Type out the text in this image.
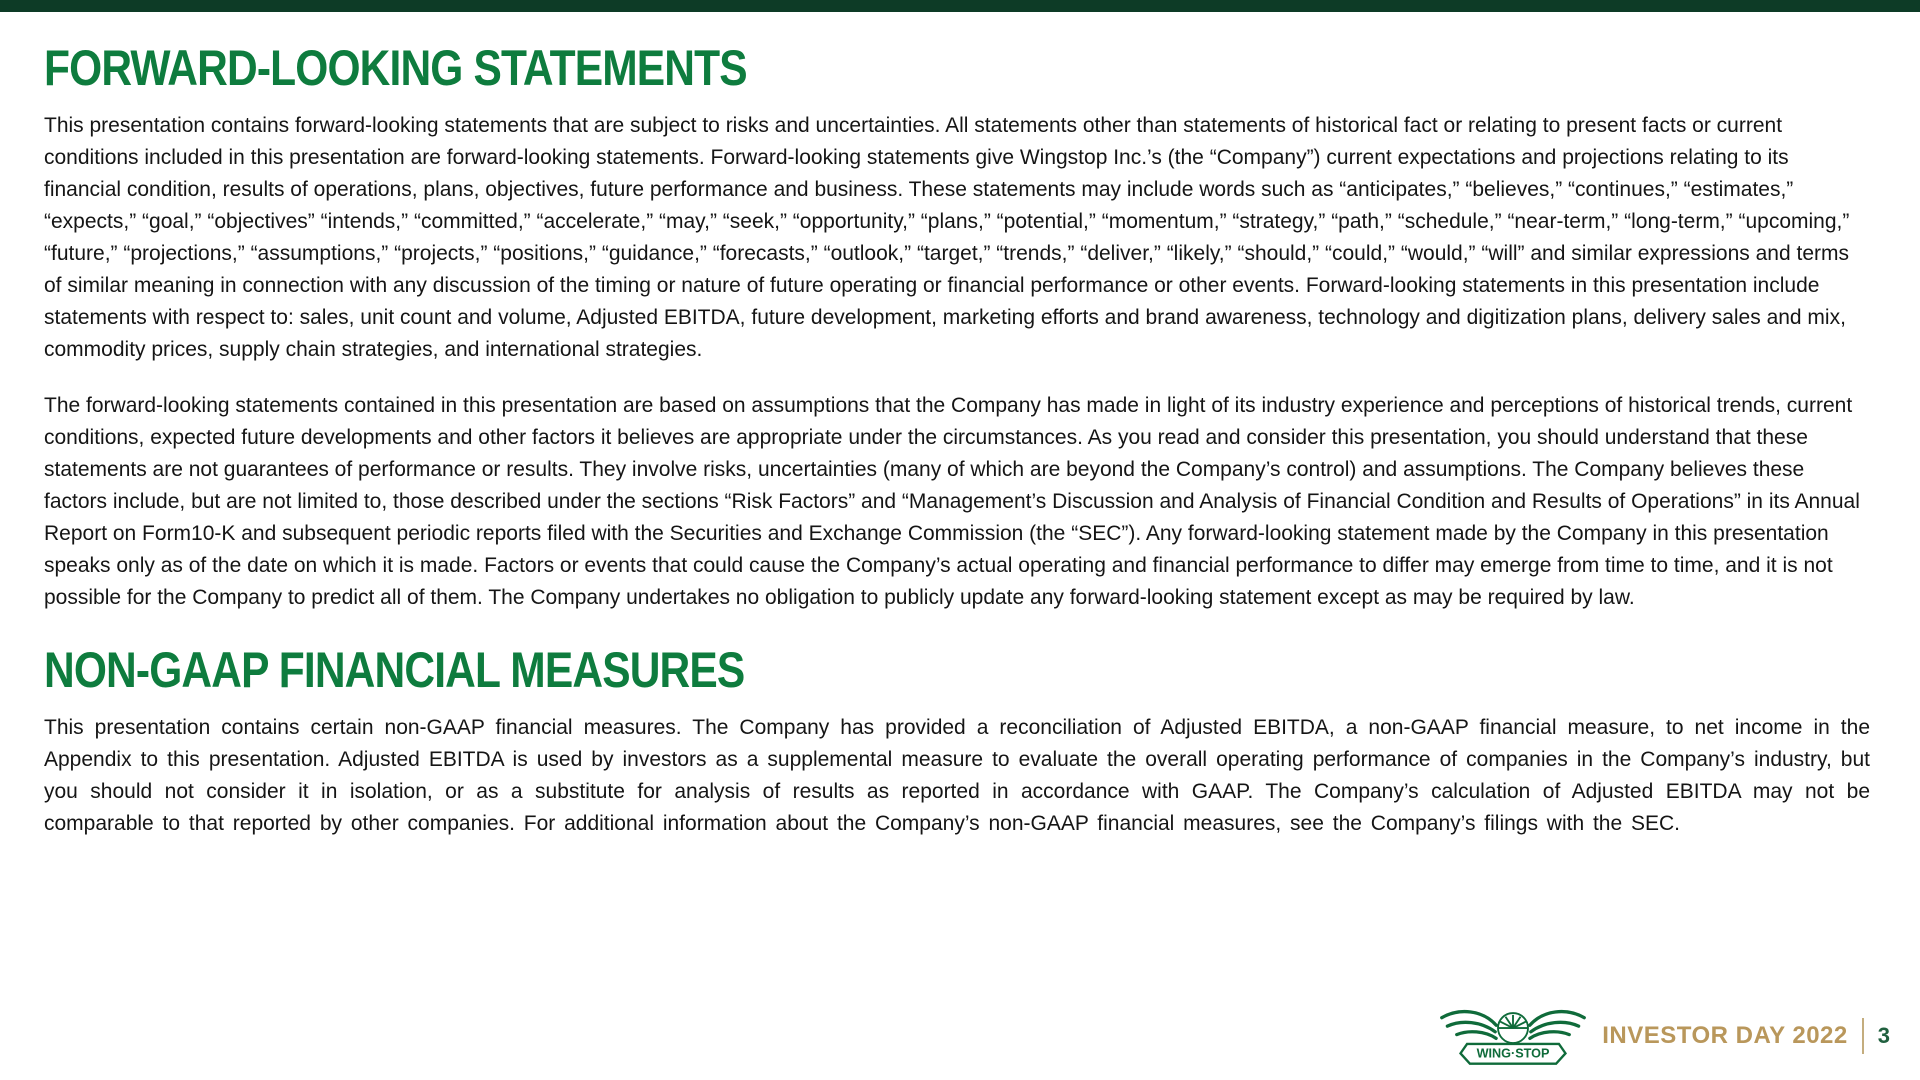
FORWARD-LOOKING STATEMENTS

This presentation contains forward-looking statements that are subject to risks and uncertainties. All statements other than statements of historical fact or relating to present facts or current conditions included in this presentation are forward-looking statements. Forward-looking statements give Wingstop Inc.’s (the “Company”) current expectations and projections relating to its financial condition, results of operations, plans, objectives, future performance and business. These statements may include words such as “anticipates,” “believes,” “continues,” “estimates,” “expects,” “goal,” “objectives” “intends,” “committed,” “accelerate,” “may,” “seek,” “opportunity,” “plans,” “potential,” “momentum,” “strategy,” “path,” “schedule,” “near-term,” “long-term,” “upcoming,” “future,” “projections,” “assumptions,” “projects,” “positions,” “guidance,” “forecasts,” “outlook,” “target,” “trends,” “deliver,” “likely,” “should,” “could,” “would,” “will” and similar expressions and terms of similar meaning in connection with any discussion of the timing or nature of future operating or financial performance or other events. Forward-looking statements in this presentation include statements with respect to: sales, unit count and volume, Adjusted EBITDA, future development, marketing efforts and brand awareness, technology and digitization plans, delivery sales and mix, commodity prices, supply chain strategies, and international strategies.

The forward-looking statements contained in this presentation are based on assumptions that the Company has made in light of its industry experience and perceptions of historical trends, current conditions, expected future developments and other factors it believes are appropriate under the circumstances. As you read and consider this presentation, you should understand that these statements are not guarantees of performance or results. They involve risks, uncertainties (many of which are beyond the Company’s control) and assumptions. The Company believes these factors include, but are not limited to, those described under the sections “Risk Factors” and “Management’s Discussion and Analysis of Financial Condition and Results of Operations” in its Annual Report on Form10-K and subsequent periodic reports filed with the Securities and Exchange Commission (the “SEC”). Any forward-looking statement made by the Company in this presentation speaks only as of the date on which it is made. Factors or events that could cause the Company’s actual operating and financial performance to differ may emerge from time to time, and it is not possible for the Company to predict all of them. The Company undertakes no obligation to publicly update any forward-looking statement except as may be required by law.

NON-GAAP FINANCIAL MEASURES

This presentation contains certain non-GAAP financial measures. The Company has provided a reconciliation of Adjusted EBITDA, a non-GAAP financial measure, to net income in the Appendix to this presentation. Adjusted EBITDA is used by investors as a supplemental measure to evaluate the overall operating performance of companies in the Company’s industry, but you should not consider it in isolation, or as a substitute for analysis of results as reported in accordance with GAAP. The Company’s calculation of Adjusted EBITDA may not be comparable to that reported by other companies. For additional information about the Company’s non-GAAP financial measures, see the Company’s filings with the SEC.

WING·STOP
INVESTOR DAY 2022 3
